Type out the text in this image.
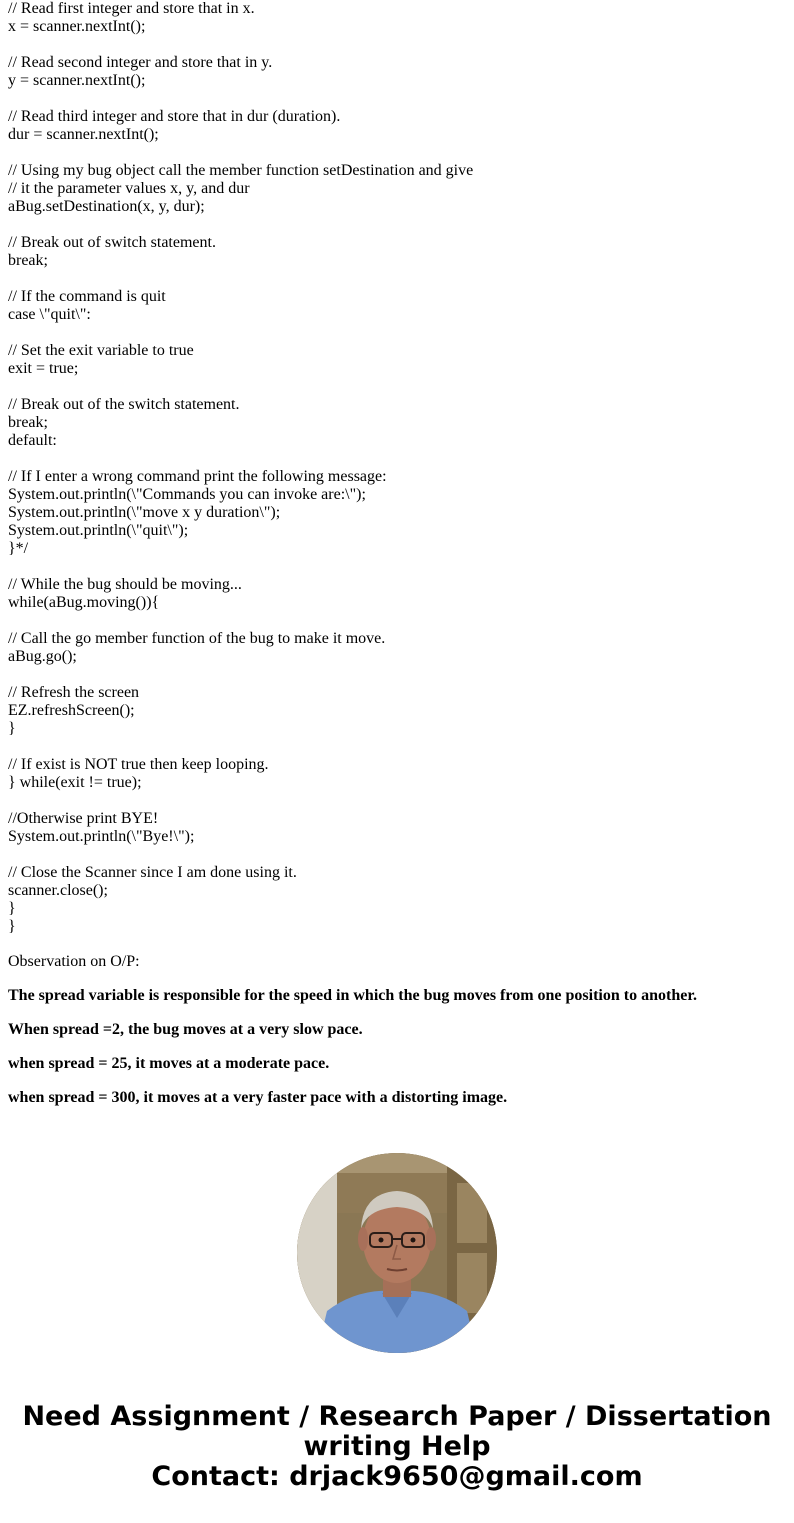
// Read first integer and store that in x.
x = scanner.nextInt();
// Read second integer and store that in y.
y = scanner.nextInt();
// Read third integer and store that in dur (duration).
dur = scanner.nextInt();
// Using my bug object call the member function setDestination and give
// it the parameter values x, y, and dur
aBug.setDestination(x, y, dur);
// Break out of switch statement.
break;
// If the command is quit
case \"quit\":
// Set the exit variable to true
exit = true;
// Break out of the switch statement.
break;
default:
// If I enter a wrong command print the following message:
System.out.println(\"Commands you can invoke are:\");
System.out.println(\"move x y duration\");
System.out.println(\"quit\");
}*/
// While the bug should be moving...
while(aBug.moving()){
// Call the go member function of the bug to make it move.
aBug.go();
// Refresh the screen
EZ.refreshScreen();
}
// If exist is NOT true then keep looping.
} while(exit != true);
//Otherwise print BYE!
System.out.println(\"Bye!\");
// Close the Scanner since I am done using it.
scanner.close();
}
}

Observation on O/P:

The spread variable is responsible for the speed in which the bug moves from one position to another.

When spread =2, the bug moves at a very slow pace.

when spread = 25, it moves at a moderate pace.

when spread = 300, it moves at a very faster pace with a distorting image.

Need Assignment / Research Paper / Dissertation
writing Help
Contact: drjack9650@gmail.com
